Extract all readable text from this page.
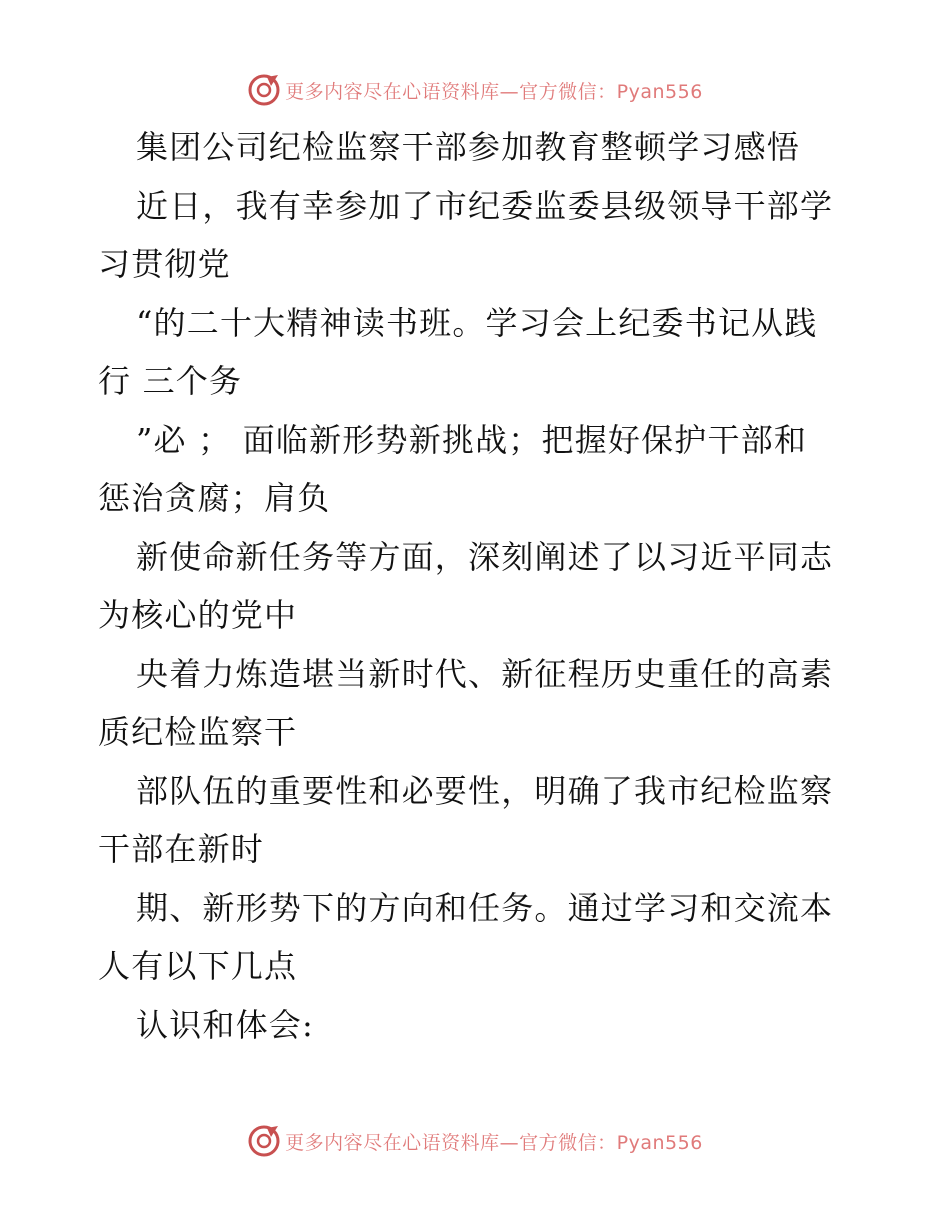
更多内容尽在心语资料库—官方微信：Pyan556
集团公司纪检监察干部参加教育整顿学习感悟
近日，我有幸参加了市纪委监委县级领导干部学
习贯彻党
“的二十大精神读书班。学习会上纪委书记从践
行 三个务
”必 ； 面临新形势新挑战；把握好保护干部和
惩治贪腐；肩负
新使命新任务等方面，深刻阐述了以习近平同志
为核心的党中
央着力炼造堪当新时代、新征程历史重任的高素
质纪检监察干
部队伍的重要性和必要性，明确了我市纪检监察
干部在新时
期、新形势下的方向和任务。通过学习和交流本
人有以下几点
认识和体会:
更多内容尽在心语资料库—官方微信：Pyan556
